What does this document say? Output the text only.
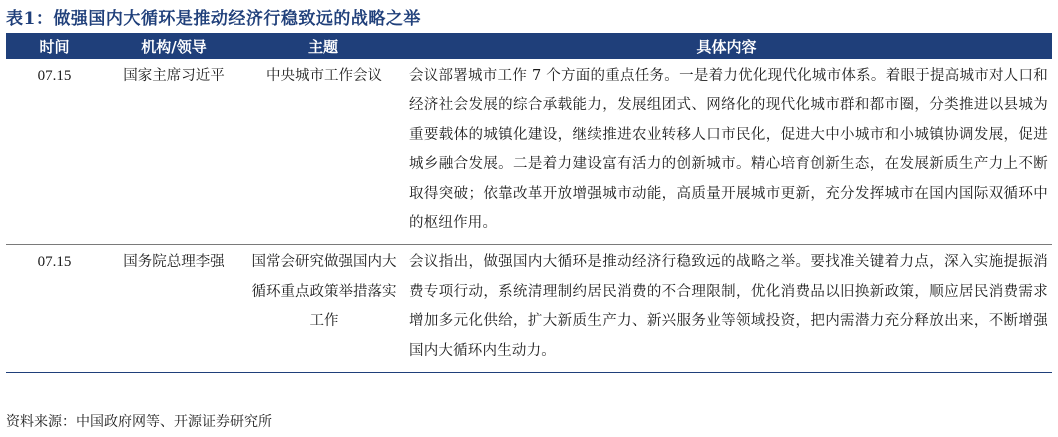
表1：做强国内大循环是推动经济行稳致远的战略之举
时间	机构/领导	主题	具体内容
07.15	国家主席习近平	中央城市工作会议	会议部署城市工作 7 个方面的重点任务。一是着力优化现代化城市体系。着眼于提高城市对人口和经济社会发展的综合承载能力，发展组团式、网络化的现代化城市群和都市圈，分类推进以县城为重要载体的城镇化建设，继续推进农业转移人口市民化，促进大中小城市和小城镇协调发展，促进城乡融合发展。二是着力建设富有活力的创新城市。精心培育创新生态，在发展新质生产力上不断取得突破；依靠改革开放增强城市动能，高质量开展城市更新，充分发挥城市在国内国际双循环中的枢纽作用。
07.15	国务院总理李强	国常会研究做强国内大循环重点政策举措落实工作	会议指出，做强国内大循环是推动经济行稳致远的战略之举。要找准关键着力点，深入实施提振消费专项行动，系统清理制约居民消费的不合理限制，优化消费品以旧换新政策，顺应居民消费需求增加多元化供给，扩大新质生产力、新兴服务业等领域投资，把内需潜力充分释放出来，不断增强国内大循环内生动力。
资料来源：中国政府网等、开源证券研究所
